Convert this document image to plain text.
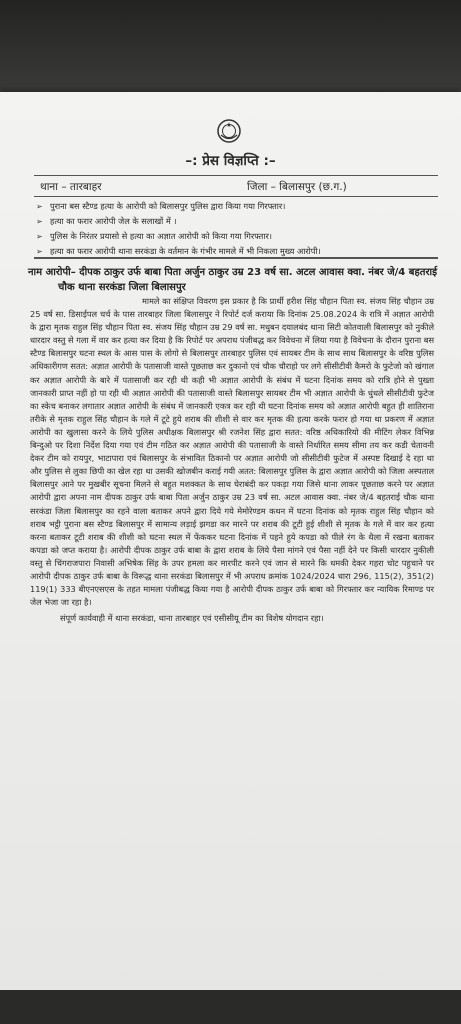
–: प्रेस विज्ञप्ति :–
थाना – तारबाहर	जिला – बिलासपुर (छ.ग.)
➢ पुराना बस स्टैण्ड हत्या के आरोपी को बिलासपुर पुलिस द्वारा किया गया गिरफ्तार।
➢ हत्या का फरार आरोपी जेल के सलाखों में ।
➢ पुलिस के निरंतर प्रयासो से हत्या का अज्ञात आरोपी को किया गया गिरफ्तार।
➢ हत्या का फरार आरोपी थाना सरकंडा के वर्तमान के गंभीर मामले में भी निकला मुख्य आरोपी।
नाम आरोपी– दीपक ठाकुर उर्फ बाबा पिता अर्जुन ठाकुर उम्र 23 वर्ष सा. अटल आवास क्वा. नंबर जे/4 बहतराई चौक थाना सरकंडा जिला बिलासपुर

मामले का संक्षिप्त विवरण इस प्रकार है कि प्रार्थी हरीश सिंह चौहान पिता स्व. संजय सिंह चौहान उम्र 25 वर्ष सा. डिसाईपल चर्च के पास तारबाहर जिला बिलासपुर ने रिपोर्ट दर्ज कराया कि दिनांक 25.08.2024 के रात्रि में अज्ञात आरोपी के द्वारा मृतक राहुल सिंह चौहान पिता स्व. संजय सिंह चौहान उम्र 29 वर्ष सा. मधुबन दयालबंद थाना सिटी कोतवाली बिलासपुर को नुकीले धारदार वस्तु से गला में वार कर हत्या कर दिया है कि रिपोर्ट पर अपराध पंजीबद्ध कर विवेचना में लिया गया है विवेचना के दौरान पुराना बस स्टैण्ड बिलासपुर घटना स्थल के आस पास के लोगो से बिलासपुर तारबाहर पुलिस एवं सायबर टीम के साथ साथ बिलासपुर के वरिष्ठ पुलिस अधिकारीगण सतत: अज्ञात आरोपी के पतासाजी वास्ते पूछताछ कर दुकानो एवं चौक चौराहो पर लगे सीसीटीवी कैमरो के फुटेजो को खंगाल कर अज्ञात आरोपी के बारे में पतासाजी कर रही थी कही भी अज्ञात आरोपी के संबंध में घटना दिनांक समय को रात्रि होने से पुख्ता जानकारी प्राप्त नहीं हो पा रही थी अज्ञात आरोपी की पतासाजी वास्ते बिलासपुर सायबर टीम भी अज्ञात आरोपी के धुंधले सीसीटीवी फुटेज का स्केच बनाकर लगातार अज्ञात आरोपी के संबंध में जानकारी एकत्र कर रही थी घटना दिनांक समय को अज्ञात आरोपी बहुत ही शातिराना तरीके से मृतक राहुल सिंह चौहान के गले में टूटे हुये शराब की शीशी से वार कर मृतक की हत्या करके फरार हो गया था प्रकरण में अज्ञात आरोपी का खुलासा करने के लिये पुलिस अधीक्षक बिलासपुर श्री रजनेश सिंह द्वारा सतत: वरिष्ठ अधिकारियो की मीटिंग लेकर विभिन्न बिन्दुओ पर दिशा निर्देश दिया गया एवं टीम गठित कर अज्ञात आरोपी की पतासाजी के वास्ते निर्धारित समय सीमा तय कर कडी चेतावनी देकर टीम को रायपुर, भाटापारा एवं बिलासपुर के संभावित ठिकानो पर अज्ञात आरोपी जो सीसीटीवी फुटेज में अस्पष्ट दिखाई दे रहा था और पुलिस से लुका छिपी का खेल रहा था उसकी खोजबीन कराई गयी अतत: बिलासपुर पुलिस के द्वारा अज्ञात आरोपी को जिला अस्पताल बिलासपुर आने पर मुखबीर सूचना मिलने से बहुत मशक्कत के साथ घेराबंदी कर पकड़ा गया जिसे थाना लाकर पूछताछ करने पर अज्ञात आरोपी द्वारा अपना नाम दीपक ठाकुर उर्फ बाबा पिता अर्जुन ठाकुर उम्र 23 वर्ष सा. अटल आवास क्वा. नंबर जे/4 बहतराई चौक थाना सरकंडा जिला बिलासपुर का रहने वाला बताकर अपने द्वारा दिये गये मेमोरेण्डम कथन में घटना दिनांक को मृतक राहुल सिंह चौहान को शराब भट्ठी पुराना बस स्टैण्ड बिलासपुर में सामान्य लड़ाई झगडा कर मारने पर शराब की टूटी हुई शीशी से मृतक के गले में वार कर हत्या करना बताकर टूटी शराब की शीशी को घटना स्थल में फेंककर घटना दिनांक में पहने हुये कपडा को पीले रंग के थैला में रखना बताकर कपडा को जप्त कराया है। आरोपी दीपक ठाकुर उर्फ बाबा के द्वारा शराब के लिये पैसा मांगने एवं पैसा नहीं देने पर किसी धारदार नुकीली वस्तु से चिंगराजपारा निवासी अभिषेक सिंह के उपर हमला कर मारपीट करने एवं जान से मारने कि धमकी देकर गहरा चोट पहुचाने पर आरोपी दीपक ठाकुर उर्फ बाबा के विरूद्ध थाना सरकंडा बिलासपुर में भी अपराध क्रमांक 1024/2024 धारा 296, 115(2), 351(2) 119(1) 333 बीएनएसएस के तहत मामला पंजीबद्ध किया गया है आरोपी दीपक ठाकुर उर्फ बाबा को गिरफ्तार कर न्यायिक रिमाण्ड पर जेल भेजा जा रहा है।

संपूर्ण कार्यवाही में थाना सरकंडा, थाना तारबाहर एवं एसीसीयू टीम का विशेष योगदान रहा।
